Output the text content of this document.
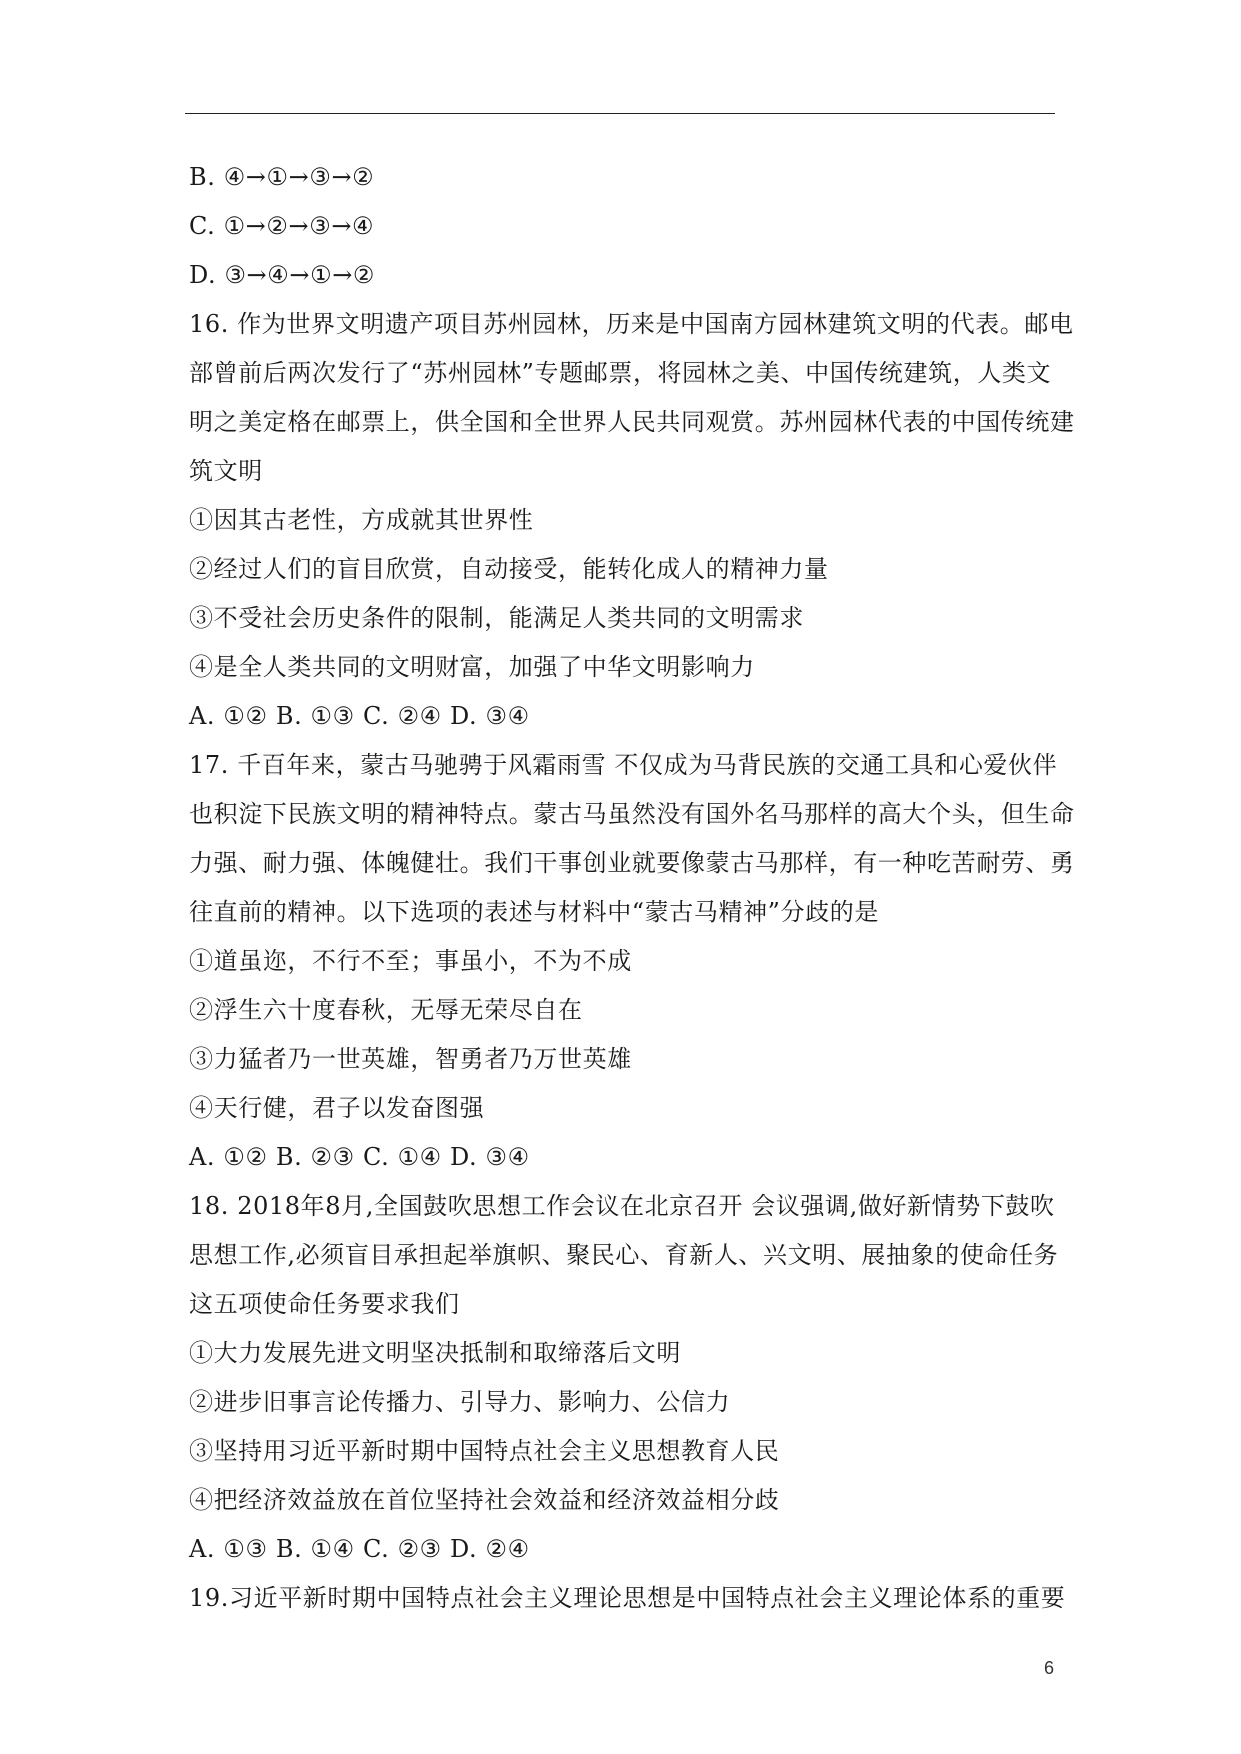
B. ④→①→③→②
C. ①→②→③→④
D. ③→④→①→②
16. 作为世界文明遗产项目苏州园林，历来是中国南方园林建筑文明的代表。邮电
部曾前后两次发行了“苏州园林”专题邮票，将园林之美、中国传统建筑，人类文
明之美定格在邮票上，供全国和全世界人民共同观赏。苏州园林代表的中国传统建
筑文明
①因其古老性，方成就其世界性
②经过人们的盲目欣赏，自动接受，能转化成人的精神力量
③不受社会历史条件的限制，能满足人类共同的文明需求
④是全人类共同的文明财富，加强了中华文明影响力
A. ①② B. ①③ C. ②④ D. ③④
17. 千百年来，蒙古马驰骋于风霜雨雪 不仅成为马背民族的交通工具和心爱伙伴
也积淀下民族文明的精神特点。蒙古马虽然没有国外名马那样的高大个头，但生命
力强、耐力强、体魄健壮。我们干事创业就要像蒙古马那样，有一种吃苦耐劳、勇
往直前的精神。以下选项的表述与材料中“蒙古马精神”分歧的是
①道虽迩，不行不至；事虽小，不为不成
②浮生六十度春秋，无辱无荣尽自在
③力猛者乃一世英雄，智勇者乃万世英雄
④天行健，君子以发奋图强
A. ①② B. ②③ C. ①④ D. ③④
18. 2018年8月,全国鼓吹思想工作会议在北京召开 会议强调,做好新情势下鼓吹
思想工作,必须盲目承担起举旗帜、聚民心、育新人、兴文明、展抽象的使命任务
这五项使命任务要求我们
①大力发展先进文明坚决抵制和取缔落后文明
②进步旧事言论传播力、引导力、影响力、公信力
③坚持用习近平新时期中国特点社会主义思想教育人民
④把经济效益放在首位坚持社会效益和经济效益相分歧
A. ①③ B. ①④ C. ②③ D. ②④
19.习近平新时期中国特点社会主义理论思想是中国特点社会主义理论体系的重要
6
